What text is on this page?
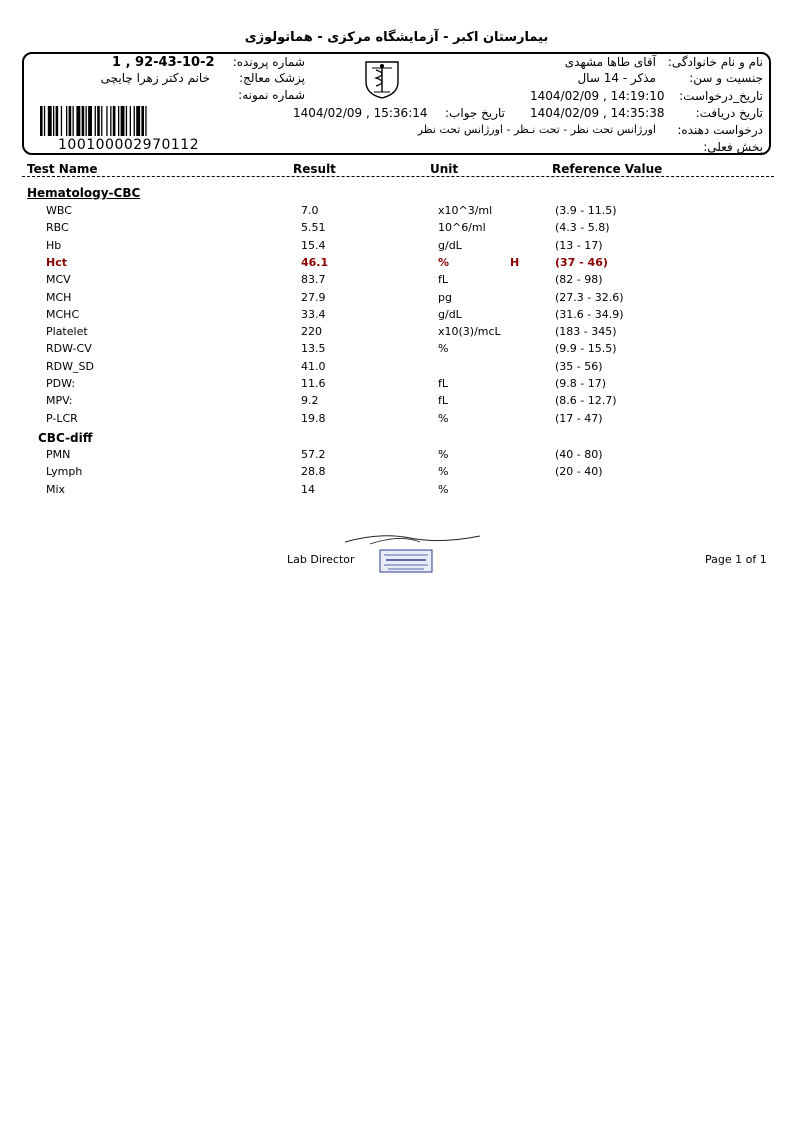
بیمارستان اکبر - آزمایشگاه مرکزی - هماتولوژی
نام و نام خانوادگی:
آقای طاها مشهدی
جنسیت و سن:
مذکر - 14 سال
تاریخ_درخواست:
1404/02/09 , 14:19:10
تاریخ دریافت:
1404/02/09 , 14:35:38
درخواست دهنده:
اورژانس تحت نظر - تحت نـظر - اورژانس تحت نظر
بخش فعلی:
شماره پرونده:
1 , 92-43-10-2
پزشک معالج:
خانم دکتر زهرا چایچی
شماره نمونه:
تاریخ جواب:
1404/02/09 , 15:36:14
100100002970112
Test Name	Result	Unit	Reference Value
Hematology-CBC
WBC	7.0	x10^3/ml	(3.9 - 11.5)
RBC	5.51	10^6/ml	(4.3 - 5.8)
Hb	15.4	g/dL	(13 - 17)
Hct	46.1	%	H	(37 - 46)
MCV	83.7	fL	(82 - 98)
MCH	27.9	pg	(27.3 - 32.6)
MCHC	33.4	g/dL	(31.6 - 34.9)
Platelet	220	x10(3)/mcL	(183 - 345)
RDW-CV	13.5	%	(9.9 - 15.5)
RDW_SD	41.0	(35 - 56)
PDW:	11.6	fL	(9.8 - 17)
MPV:	9.2	fL	(8.6 - 12.7)
P-LCR	19.8	%	(17 - 47)
CBC-diff
PMN	57.2	%	(40 - 80)
Lymph	28.8	%	(20 - 40)
Mix	14	%
Lab Director	Page 1 of 1
